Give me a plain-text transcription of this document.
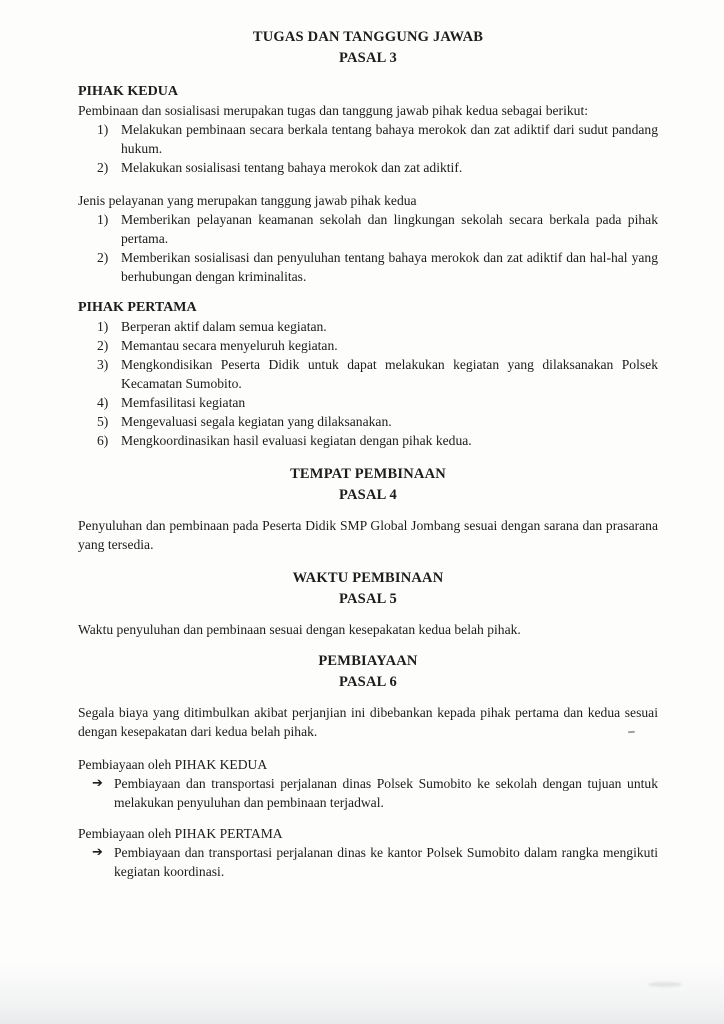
TUGAS DAN TANGGUNG JAWAB
PASAL 3
PIHAK KEDUA
Pembinaan dan sosialisasi merupakan tugas dan tanggung jawab pihak kedua sebagai berikut:
1) Melakukan pembinaan secara berkala tentang bahaya merokok dan zat adiktif dari sudut pandang hukum.
2) Melakukan sosialisasi tentang bahaya merokok dan zat adiktif.
Jenis pelayanan yang merupakan tanggung jawab pihak kedua
1) Memberikan pelayanan keamanan sekolah dan lingkungan sekolah secara berkala pada pihak pertama.
2) Memberikan sosialisasi dan penyuluhan tentang bahaya merokok dan zat adiktif dan hal-hal yang berhubungan dengan kriminalitas.
PIHAK PERTAMA
1) Berperan aktif dalam semua kegiatan.
2) Memantau secara menyeluruh kegiatan.
3) Mengkondisikan Peserta Didik untuk dapat melakukan kegiatan yang dilaksanakan Polsek Kecamatan Sumobito.
4) Memfasilitasi kegiatan
5) Mengevaluasi segala kegiatan yang dilaksanakan.
6) Mengkoordinasikan hasil evaluasi kegiatan dengan pihak kedua.
TEMPAT PEMBINAAN
PASAL 4
Penyuluhan dan pembinaan pada Peserta Didik SMP Global Jombang sesuai dengan sarana dan prasarana yang tersedia.
WAKTU PEMBINAAN
PASAL 5
Waktu penyuluhan dan pembinaan sesuai dengan kesepakatan kedua belah pihak.
PEMBIAYAAN
PASAL 6
Segala biaya yang ditimbulkan akibat perjanjian ini dibebankan kepada pihak pertama dan kedua sesuai dengan kesepakatan dari kedua belah pihak.
Pembiayaan oleh PIHAK KEDUA
➔ Pembiayaan dan transportasi perjalanan dinas Polsek Sumobito ke sekolah dengan tujuan untuk melakukan penyuluhan dan pembinaan terjadwal.
Pembiayaan oleh PIHAK PERTAMA
➔ Pembiayaan dan transportasi perjalanan dinas ke kantor Polsek Sumobito dalam rangka mengikuti kegiatan koordinasi.
